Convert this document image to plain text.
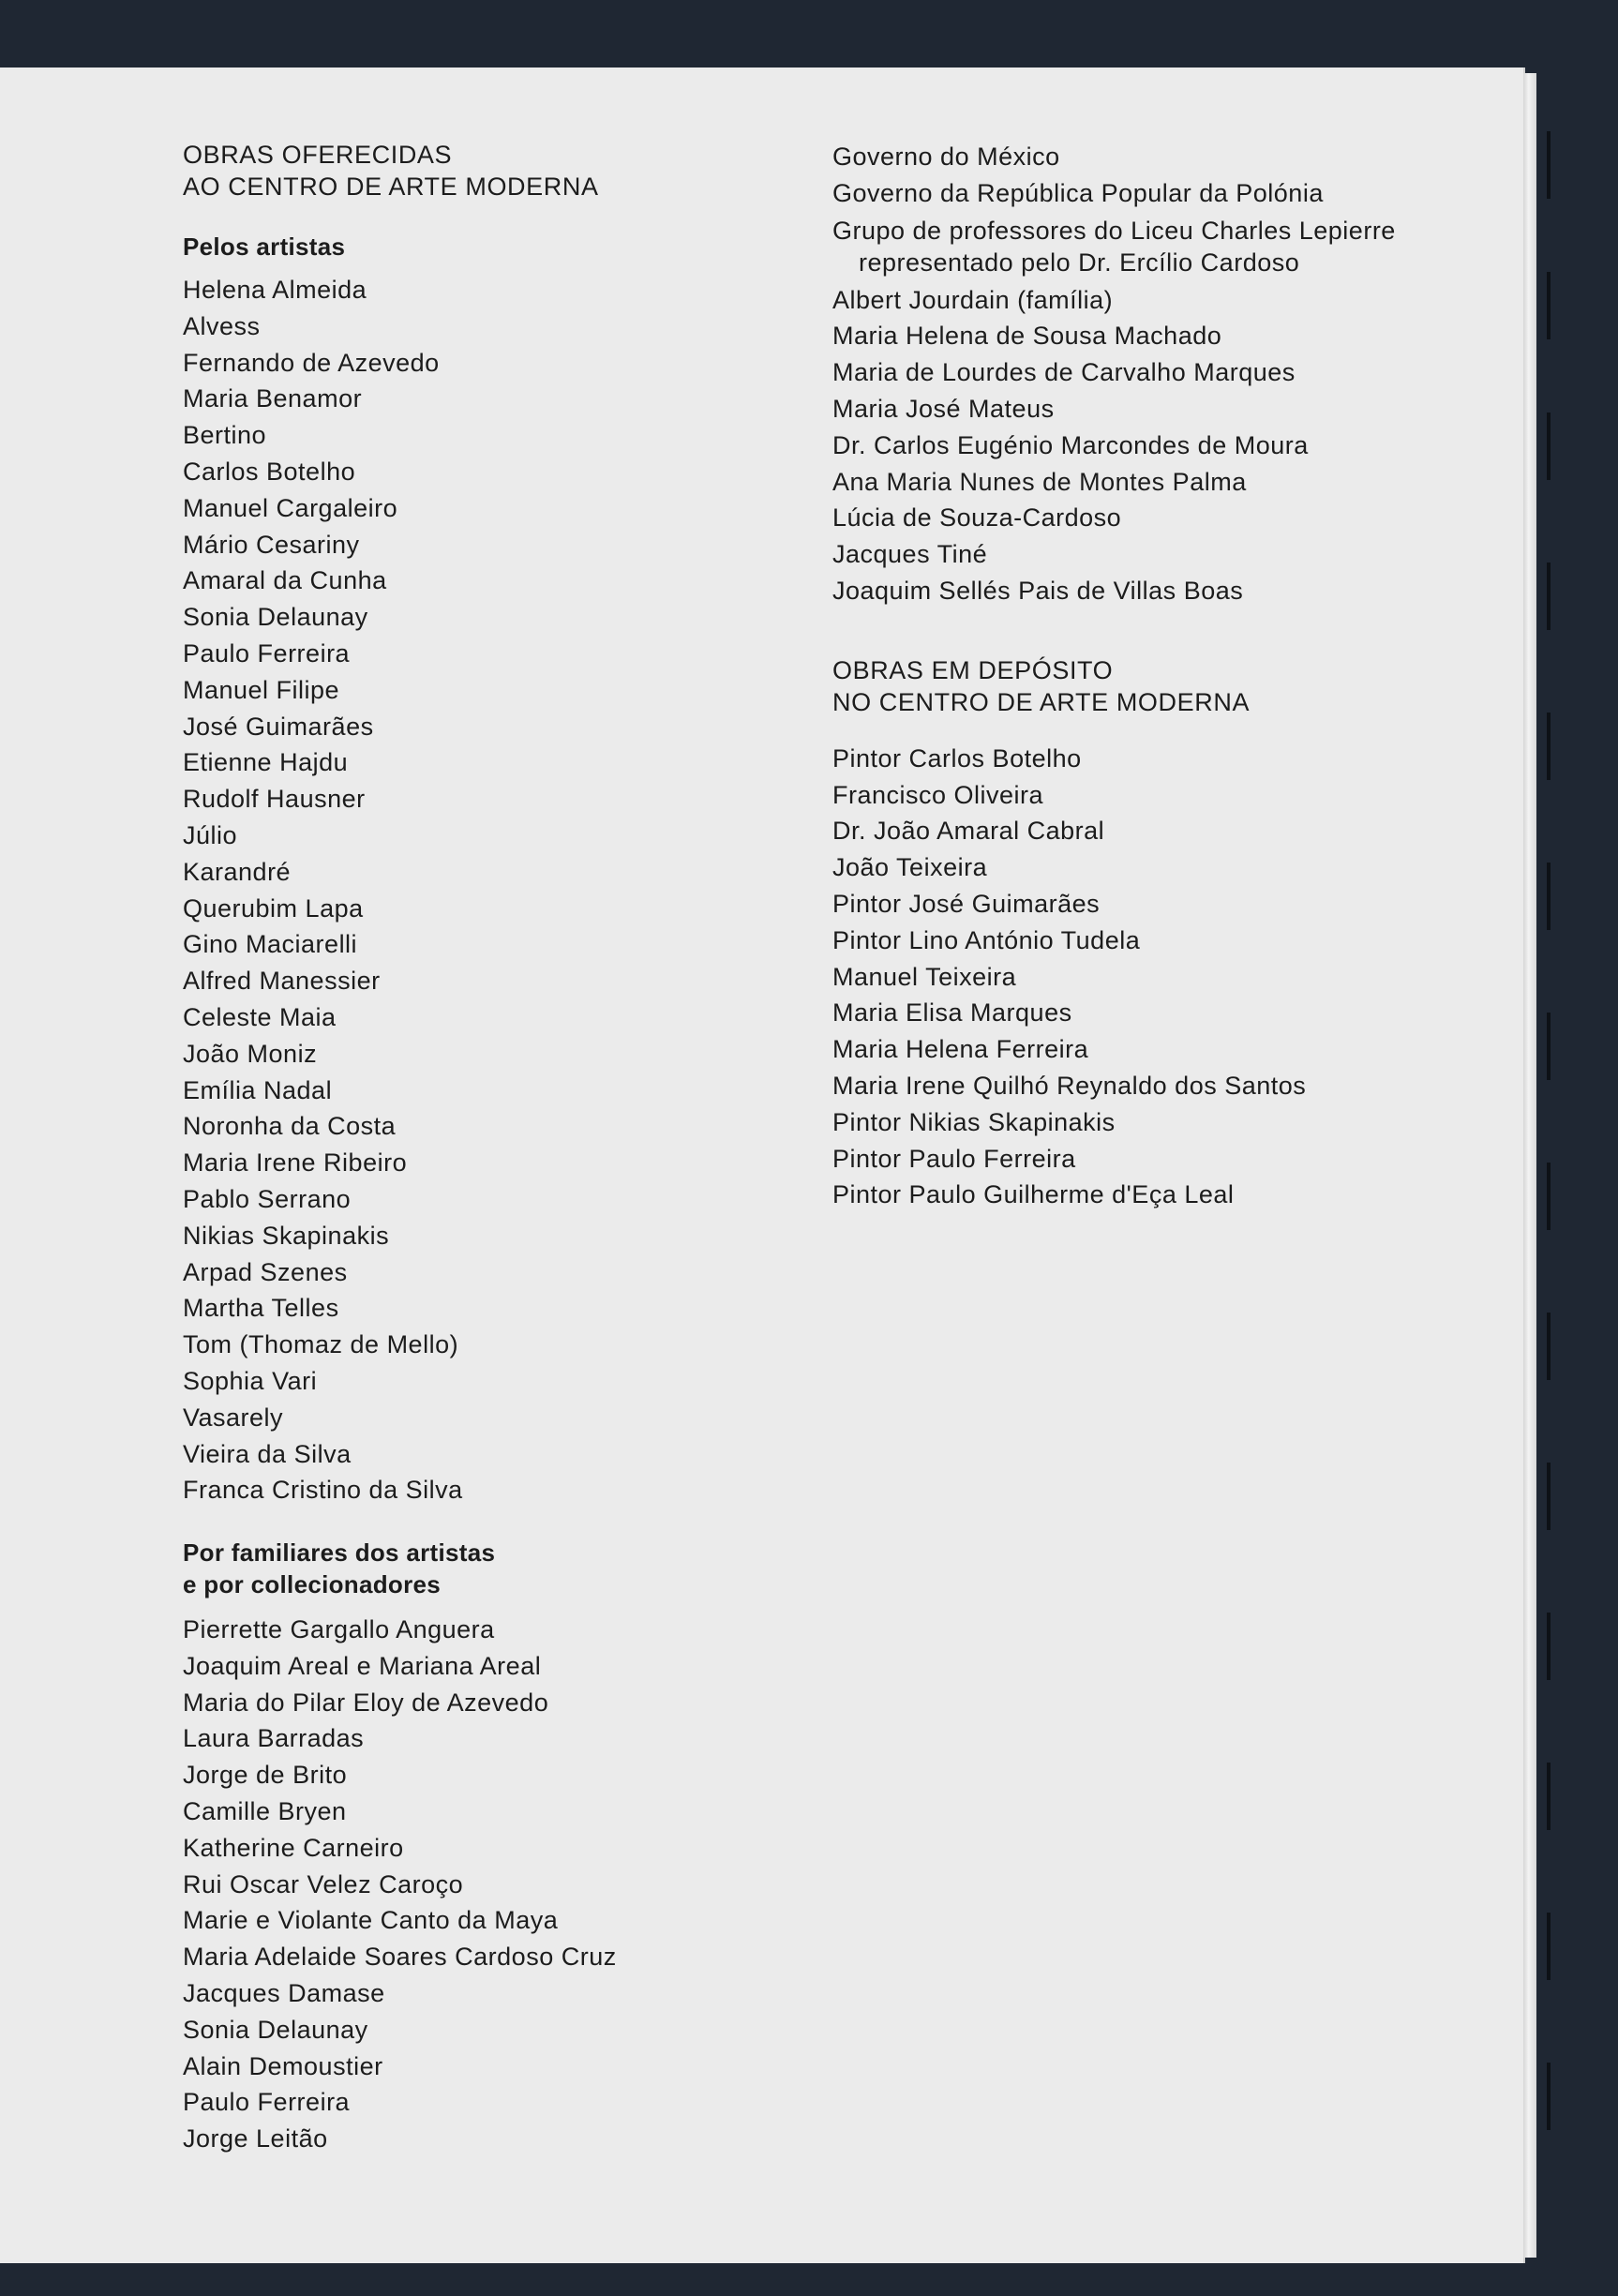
OBRAS OFERECIDAS
AO CENTRO DE ARTE MODERNA
Pelos artistas
Helena Almeida
Alvess
Fernando de Azevedo
Maria Benamor
Bertino
Carlos Botelho
Manuel Cargaleiro
Mário Cesariny
Amaral da Cunha
Sonia Delaunay
Paulo Ferreira
Manuel Filipe
José Guimarães
Etienne Hajdu
Rudolf Hausner
Júlio
Karandré
Querubim Lapa
Gino Maciarelli
Alfred Manessier
Celeste Maia
João Moniz
Emília Nadal
Noronha da Costa
Maria Irene Ribeiro
Pablo Serrano
Nikias Skapinakis
Arpad Szenes
Martha Telles
Tom (Thomaz de Mello)
Sophia Vari
Vasarely
Vieira da Silva
Franca Cristino da Silva
Por familiares dos artistas
e por collecionadores
Pierrette Gargallo Anguera
Joaquim Areal e Mariana Areal
Maria do Pilar Eloy de Azevedo
Laura Barradas
Jorge de Brito
Camille Bryen
Katherine Carneiro
Rui Oscar Velez Caroço
Marie e Violante Canto da Maya
Maria Adelaide Soares Cardoso Cruz
Jacques Damase
Sonia Delaunay
Alain Demoustier
Paulo Ferreira
Jorge Leitão
Governo do México
Governo da República Popular da Polónia
Grupo de professores do Liceu Charles Lepierre
representado pelo Dr. Ercílio Cardoso
Albert Jourdain (família)
Maria Helena de Sousa Machado
Maria de Lourdes de Carvalho Marques
Maria José Mateus
Dr. Carlos Eugénio Marcondes de Moura
Ana Maria Nunes de Montes Palma
Lúcia de Souza-Cardoso
Jacques Tiné
Joaquim Sellés Pais de Villas Boas
OBRAS EM DEPÓSITO
NO CENTRO DE ARTE MODERNA
Pintor Carlos Botelho
Francisco Oliveira
Dr. João Amaral Cabral
João Teixeira
Pintor José Guimarães
Pintor Lino António Tudela
Manuel Teixeira
Maria Elisa Marques
Maria Helena Ferreira
Maria Irene Quilhó Reynaldo dos Santos
Pintor Nikias Skapinakis
Pintor Paulo Ferreira
Pintor Paulo Guilherme d'Eça Leal
